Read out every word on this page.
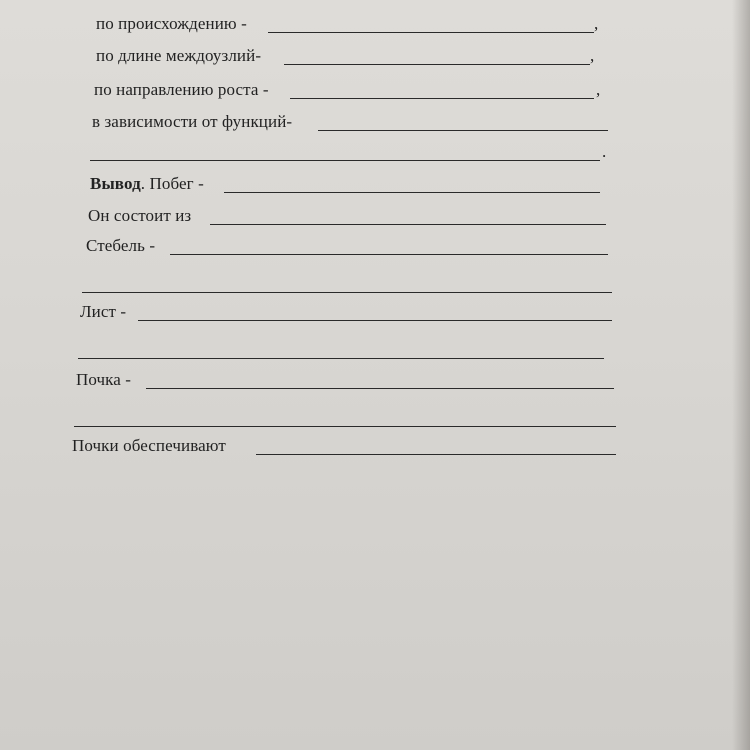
по происхождению -	,
по длине междоузлий-	,
по направлению роста -	,
в зависимости от функций-
.
Вывод. Побег -
Он состоит из
Стебель -
Лист -
Почка -
Почки обеспечивают
